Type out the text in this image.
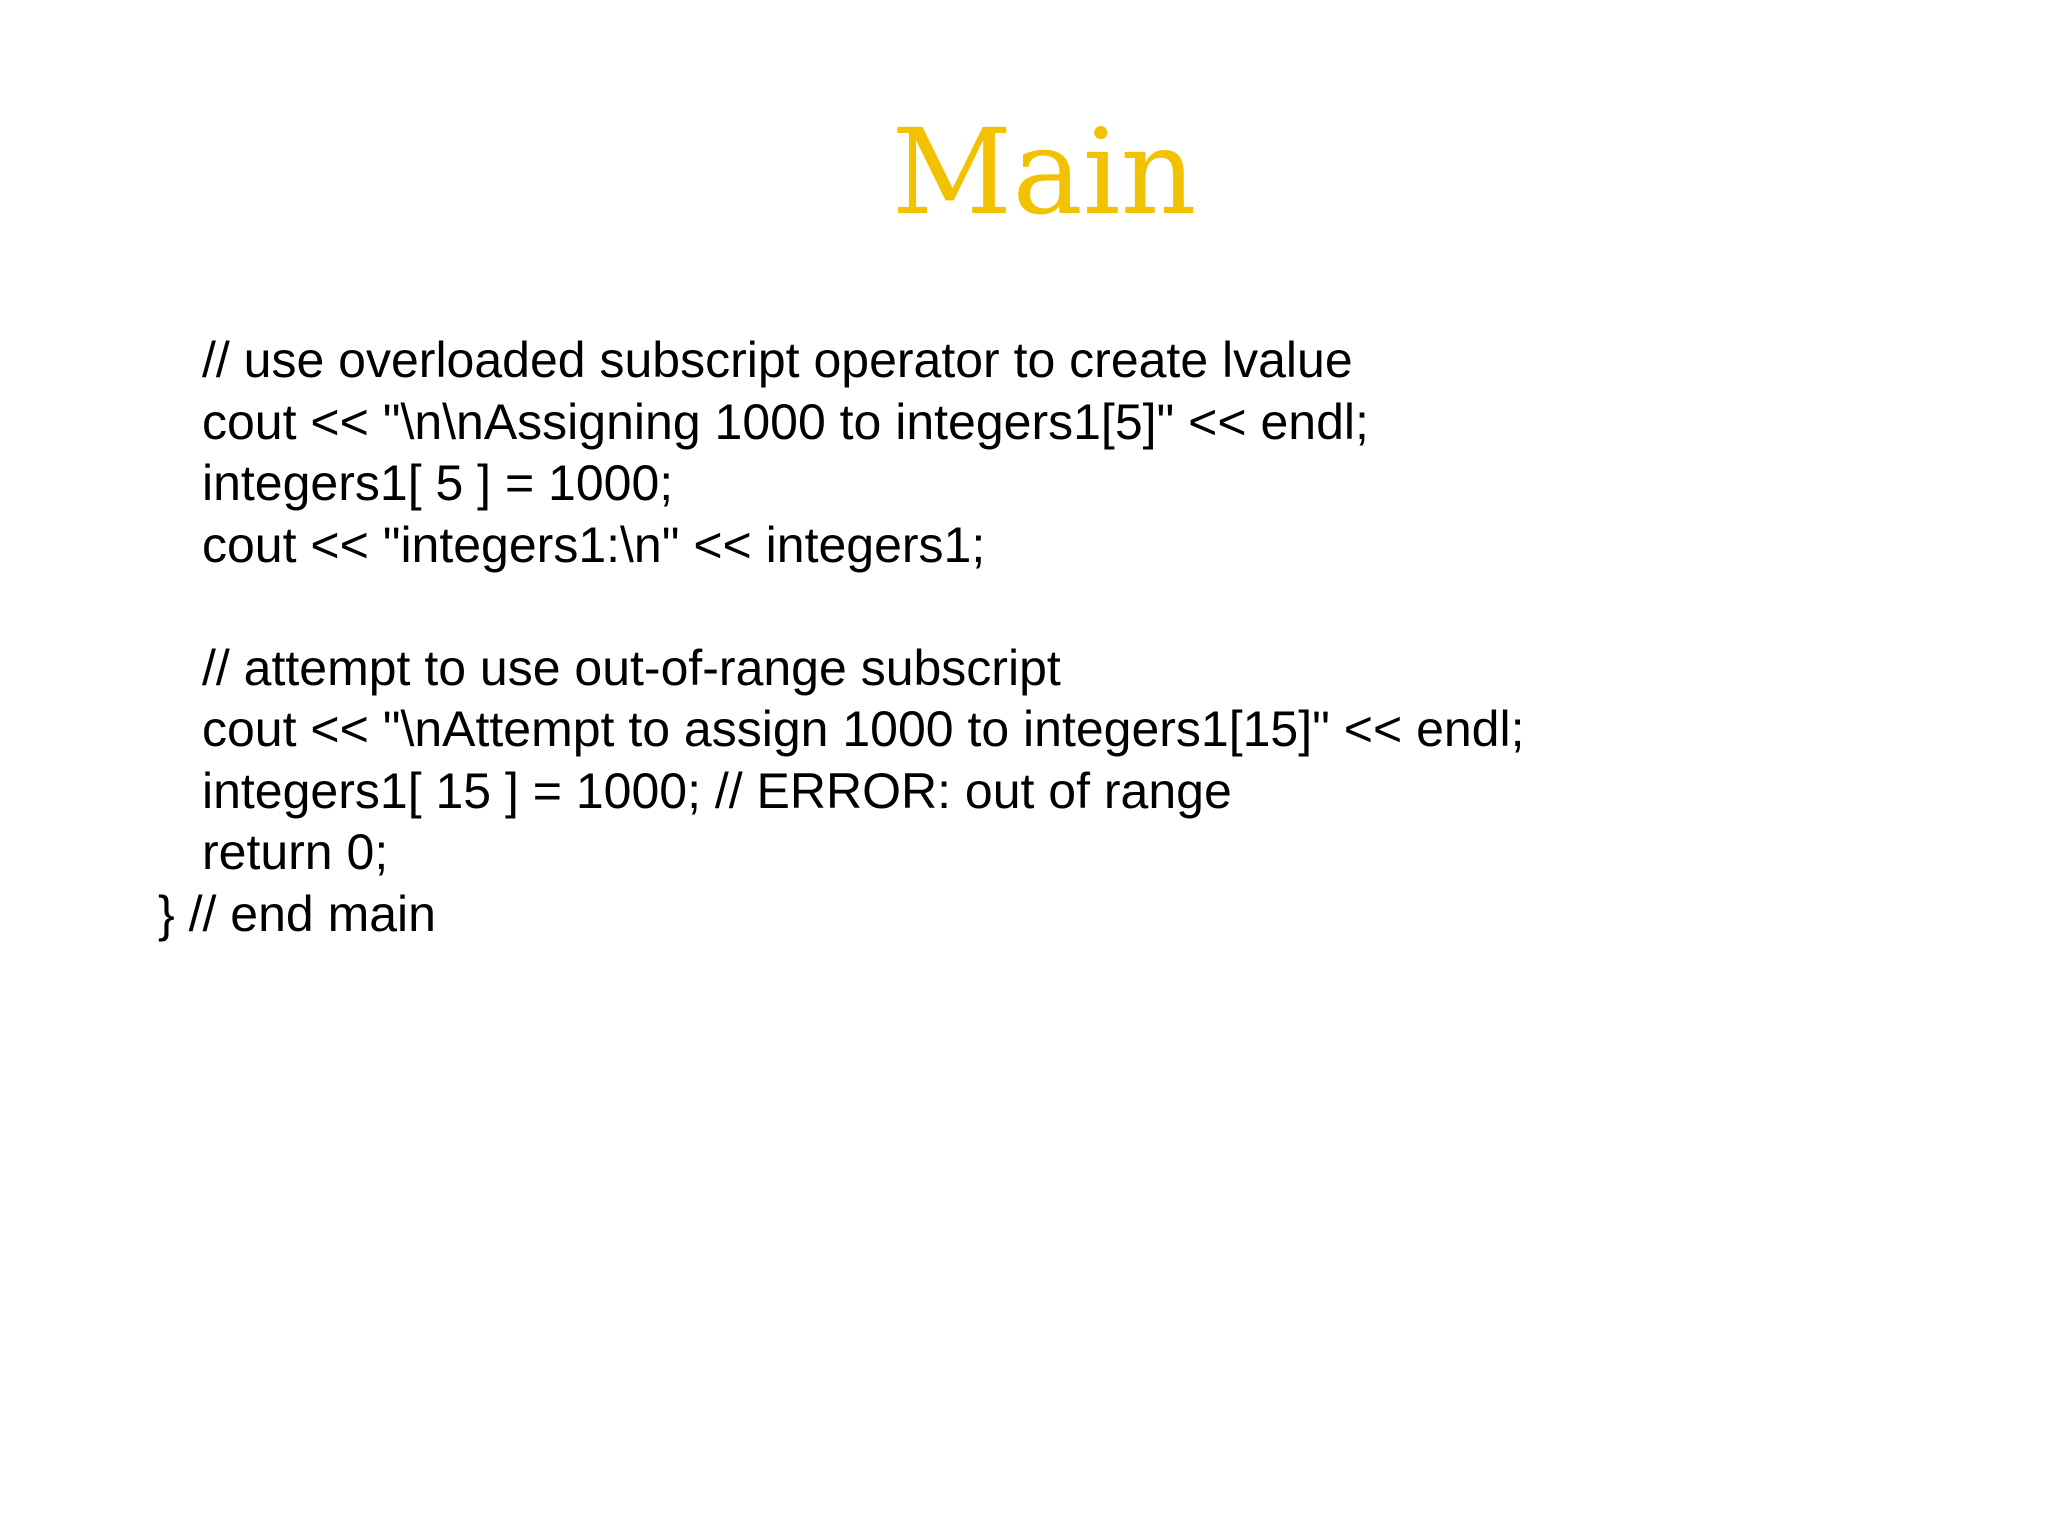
Main
// use overloaded subscript operator to create lvalue
cout << "\n\nAssigning 1000 to integers1[5]" << endl;
integers1[ 5 ] = 1000;
cout << "integers1:\n" << integers1;
// attempt to use out-of-range subscript
cout << "\nAttempt to assign 1000 to integers1[15]" << endl;
integers1[ 15 ] = 1000; // ERROR: out of range
return 0;
} // end main
